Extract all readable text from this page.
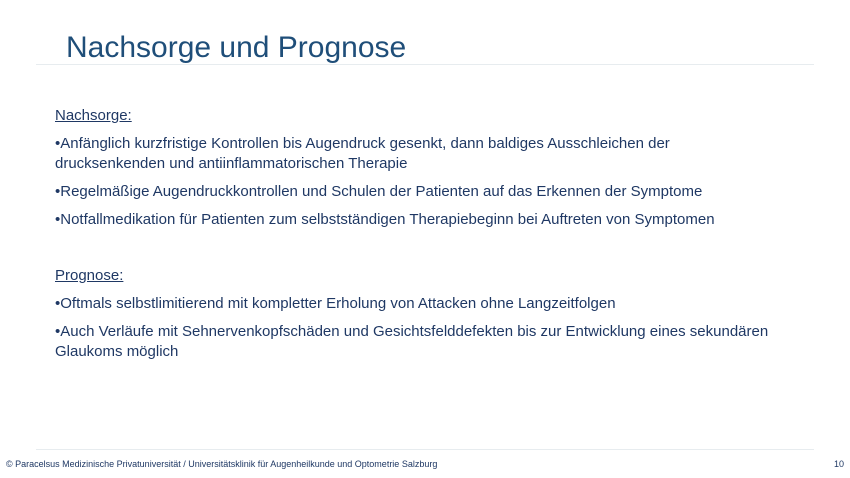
Nachsorge und Prognose
Nachsorge:
•Anfänglich kurzfristige Kontrollen bis Augendruck gesenkt, dann baldiges Ausschleichen der drucksenkenden und antiinflammatorischen Therapie
•Regelmäßige Augendruckkontrollen und Schulen der Patienten auf das Erkennen der Symptome
•Notfallmedikation für Patienten zum selbstständigen Therapiebeginn bei Auftreten von Symptomen
Prognose:
•Oftmals selbstlimitierend mit kompletter Erholung von Attacken ohne Langzeitfolgen
•Auch Verläufe mit Sehnervenkopfschäden und Gesichtsfelddefekten bis zur Entwicklung eines sekundären Glaukoms möglich
© Paracelsus Medizinische Privatuniversität / Universitätsklinik für Augenheilkunde und Optometrie Salzburg	10
